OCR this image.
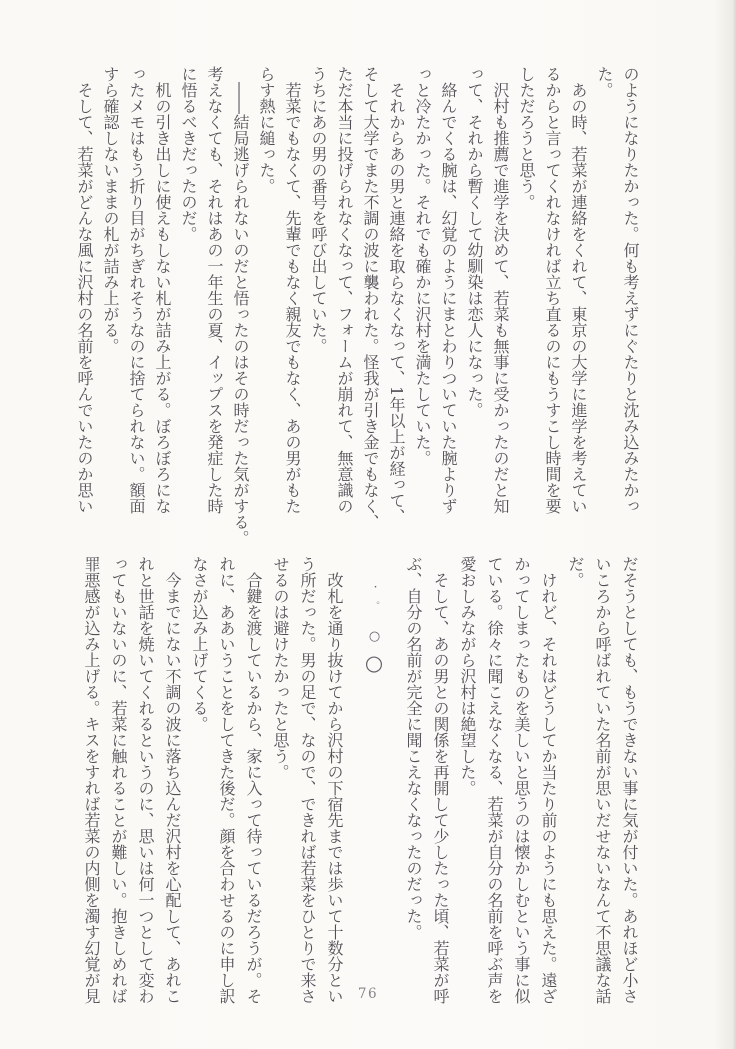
のようになりたかった。何も考えずにぐたりと沈み込みたかっ
た。
　あの時、若菜が連絡をくれて、東京の大学に進学を考えてい
るからと言ってくれなければ立ち直るのにもうすこし時間を要
しただろうと思う。
　沢村も推薦で進学を決めて、若菜も無事に受かったのだと知
って、それから暫くして幼馴染は恋人になった。
　絡んでくる腕は、幻覚のようにまとわりついていた腕よりず
っと冷たかった。それでも確かに沢村を満たしていた。
　それからあの男と連絡を取らなくなって、1年以上が経って、
そして大学でまた不調の波に襲われた。怪我が引き金でもなく、
ただ本当に投げられなくなって、フォームが崩れて、無意識の
うちにあの男の番号を呼び出していた。
　若菜でもなくて、先輩でもなく親友でもなく、あの男がもた
らす熱に縋った。
　――結局逃げられないのだと悟ったのはその時だった気がする。
考えなくても、それはあの一年生の夏、イップスを発症した時
に悟るべきだったのだ。
　机の引き出しに使えもしない札が詰み上がる。ぼろぼろにな
ったメモはもう折り目がちぎれそうなのに捨てられない。額面
すら確認しないままの札が詰み上がる。
　そして、若菜がどんな風に沢村の名前を呼んでいたのか思い
だそうとしても、もうできない事に気が付いた。あれほど小さ
いころから呼ばれていた名前が思いだせないなんて不思議な話
だ。
　けれど、それはどうしてか当たり前のようにも思えた。遠ざ
かってしまったものを美しいと思うのは懐かしむという事に似
ている。徐々に聞こえなくなる、若菜が自分の名前を呼ぶ声を
愛おしみながら沢村は絶望した。
　そして、あの男との関係を再開して少したった頃、若菜が呼
ぶ、自分の名前が完全に聞こえなくなったのだった。
・ 。 ○ ○
　改札を通り抜けてから沢村の下宿先までは歩いて十数分とい
う所だった。男の足で、なので、できれば若菜をひとりで来さ
せるのは避けたかったと思う。
　合鍵を渡しているから、家に入って待っているだろうが。そ
れに、ああいうことをしてきた後だ。顔を合わせるのに申し訳
なさが込み上げてくる。
　今までにない不調の波に落ち込んだ沢村を心配して、あれこ
れと世話を焼いてくれるというのに、思いは何一つとして変わ
ってもいないのに、若菜に触れることが難しい。抱きしめれば
罪悪感が込み上げる。キスをすれば若菜の内側を濁す幻覚が見	76
